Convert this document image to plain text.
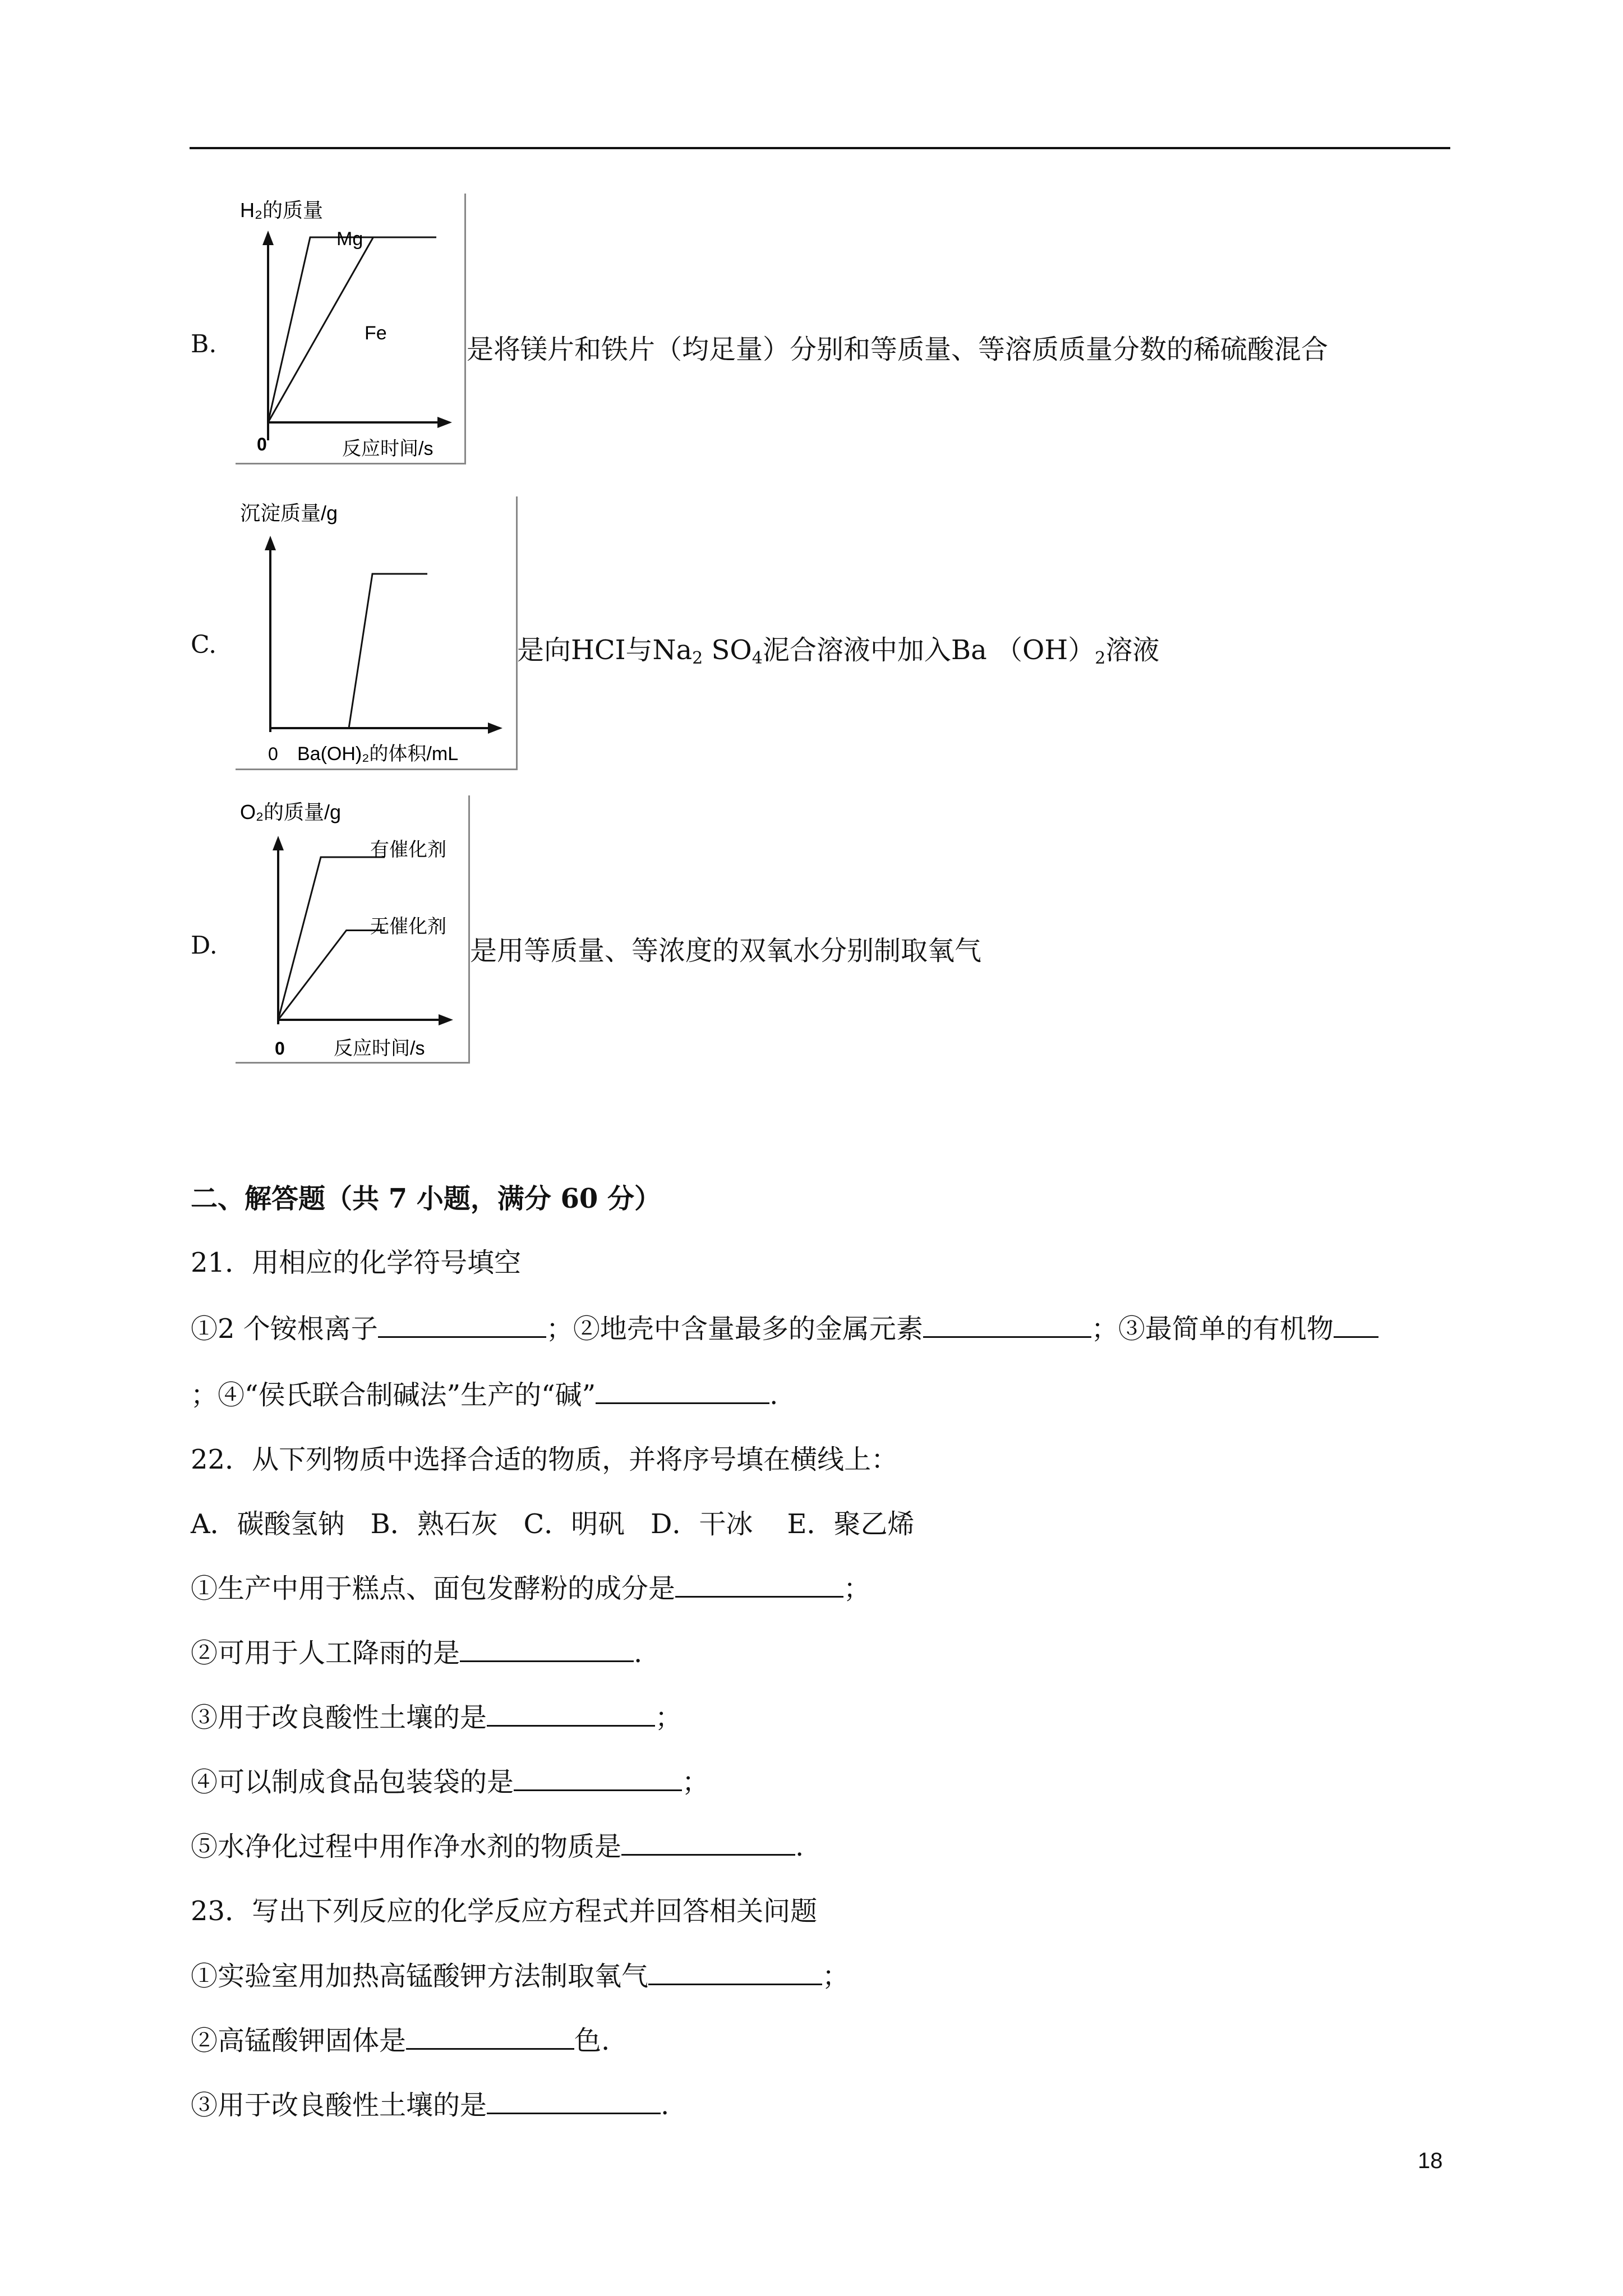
B.
H₂的质量
Mg
Fe
0	反应时间/s
是将镁片和铁片（均足量）分别和等质量、等溶质质量分数的稀硫酸混合
C.
沉淀质量/g
0 Ba(OH)₂的体积/mL
是向HCI与$Na_2$ $SO_4$泥合溶液中加入Ba $(OH)_2$溶液
D.
O₂的质量/g
有催化剂
无催化剂
0	反应时间/s
是用等质量、等浓度的双氧水分别制取氧气
二、解答题（共 7 小题，满分 60 分）
21．用相应的化学符号填空
①2 个铵根离子	；②地壳中含量最多的金属元素	；③最简单的有机物
；④“侯氏联合制碱法”生产的“碱”	.
22．从下列物质中选择合适的物质，并将序号填在横线上：
A．碳酸氢钠   B．熟石灰   C．明矾   D．干冰    E．聚乙烯
①生产中用于糕点、面包发酵粉的成分是	；
②可用于人工降雨的是	.
③用于改良酸性土壤的是	；
④可以制成食品包装袋的是	；
⑤水净化过程中用作净水剂的物质是	.
23．写出下列反应的化学反应方程式并回答相关问题
①实验室用加热高锰酸钾方法制取氧气	；
②高锰酸钾固体是	色.
③用于改良酸性土壤的是	.
18
